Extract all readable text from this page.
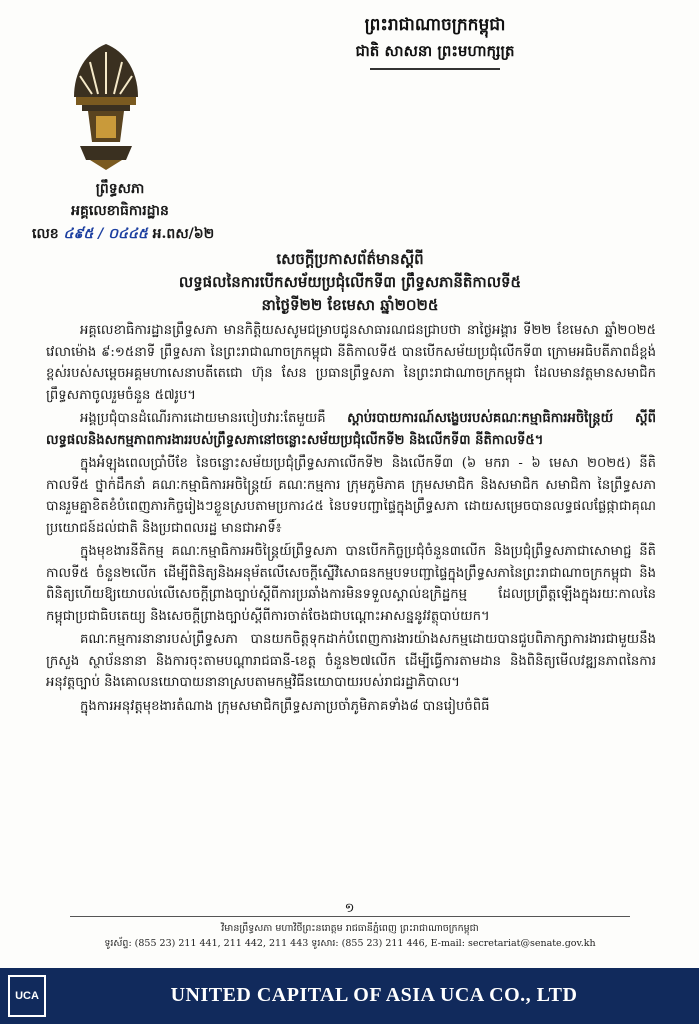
ព្រះរាជាណាចក្រកម្ពុជា
ជាតិ សាសនា ព្រះមហាក្សត្រ
ព្រឹទ្ធសភា
អគ្គលេខាធិការដ្ឋាន
លេខ ៤៩៥ / ០៤៤៥ អ.ពស/៦២
សេចក្តីប្រកាសព័ត៌មានស្តីពី
លទ្ធផលនៃការបើកសម័យប្រជុំលើកទី៣ ព្រឹទ្ធសភានីតិកាលទី៥
នាថ្ងៃទី២២ ខែមេសា ឆ្នាំ២០២៥

អគ្គលេខាធិការដ្ឋានព្រឹទ្ធសភា មានកិត្តិយសសូមជម្រាបជូនសាធារណជនជ្រាបថា នាថ្ងៃអង្គារ ទី២២ ខែមេសា ឆ្នាំ២០២៥ វេលាម៉ោង ៩:១៥នាទី ព្រឹទ្ធសភា នៃព្រះរាជាណាចក្រកម្ពុជា នីតិកាលទី៥ បានបើកសម័យប្រជុំលើកទី៣ ក្រោមអធិបតីភាពដ៏ខ្ពង់ខ្ពស់របស់សម្តេចអគ្គមហាសេនាបតីតេជោ ហ៊ុន សែន ប្រធានព្រឹទ្ធសភា នៃព្រះរាជាណាចក្រកម្ពុជា ដែលមានវត្តមានសមាជិកព្រឹទ្ធសភាចូលរួមចំនួន ៥៧រូប។

អង្គប្រជុំបានដំណើរការដោយមានរបៀបវារៈតែមួយគឺ ស្តាប់របាយការណ៍សង្ខេបរបស់គណៈកម្មាធិការអចិន្ត្រៃយ៍ ស្តីពីលទ្ធផលនិងសកម្មភាពការងាររបស់ព្រឹទ្ធសភានៅចន្លោះសម័យប្រជុំលើកទី២ និងលើកទី៣ នីតិកាលទី៥។

ក្នុងអំឡុងពេលប្រាំបីខែ នៃចន្លោះសម័យប្រជុំព្រឹទ្ធសភាលើកទី២ និងលើកទី៣ (៦ មករា - ៦ មេសា ២០២៥) នីតិកាលទី៥ ថ្នាក់ដឹកនាំ គណៈកម្មាធិការអចិន្ត្រៃយ៍ គណៈកម្មការ ក្រុមភូមិភាគ ក្រុមសមាជិក និងសមាជិក សមាជិកា នៃព្រឹទ្ធសភា បានរួមគ្នាខិតខំបំពេញភារកិច្ចរៀងៗខ្លួនស្របតាមប្រការ៤៥ នៃបទបញ្ជាផ្ទៃក្នុងព្រឹទ្ធសភា ដោយសម្រេចបានលទ្ធផលផ្លែផ្កាជាគុណប្រយោជន៍ដល់ជាតិ និងប្រជាពលរដ្ឋ មានជាអាទិ៍៖

ក្នុងមុខងារនីតិកម្ម គណៈកម្មាធិការអចិន្ត្រៃយ៍ព្រឹទ្ធសភា បានបើកកិច្ចប្រជុំចំនួន៣លើក និងប្រជុំព្រឹទ្ធសភាជាសោមាជ្ជ នីតិកាលទី៥ ចំនួន២លើក ដើម្បីពិនិត្យនិងអនុម័តលើសេចក្តីស្នើវិសោធនកម្មបទបញ្ជាផ្ទៃក្នុងព្រឹទ្ធសភានៃព្រះរាជាណាចក្រកម្ពុជា និងពិនិត្យហើយឱ្យយោបល់លើសេចក្តីព្រាងច្បាប់ស្តីពីការប្រឆាំងការមិនទទួលស្គាល់ឧក្រិដ្ឋកម្ម ដែលប្រព្រឹត្តឡើងក្នុងរយៈកាលនៃកម្ពុជាប្រជាធិបតេយ្យ និងសេចក្តីព្រាងច្បាប់ស្តីពីការចាត់ចែងជាបណ្តោះអាសន្ននូវវត្ថុបាប់យក។

គណៈកម្មការនានារបស់ព្រឹទ្ធសភា បានយកចិត្តទុកដាក់បំពេញការងារយ៉ាងសកម្មដោយបានជួបពិភាក្សាការងារជាមួយនឹងក្រសួង ស្ថាប័ននានា និងការចុះតាមបណ្តារាជធានី-ខេត្ត ចំនួន២៧លើក ដើម្បីធ្វើការតាមដាន និងពិនិត្យមើលវឌ្ឍនភាពនៃការអនុវត្តច្បាប់ និងគោលនយោបាយនានាស្របតាមកម្មវិធីនយោបាយរបស់រាជរដ្ឋាភិបាល។

ក្នុងការអនុវត្តមុខងារតំណាង ក្រុមសមាជិកព្រឹទ្ធសភាប្រចាំភូមិភាគទាំង៨ បានរៀបចំពិធី

១
វិមានព្រឹទ្ធសភា មហាវិថីព្រះនរោត្តម រាជធានីភ្នំពេញ ព្រះរាជាណាចក្រកម្ពុជា
ទូរស័ព្ទ: (855 23) 211 441, 211 442, 211 443 ទូរសារ: (855 23) 211 446, E-mail: secretariat@senate.gov.kh
UCA	UNITED CAPITAL OF ASIA UCA CO., LTD
